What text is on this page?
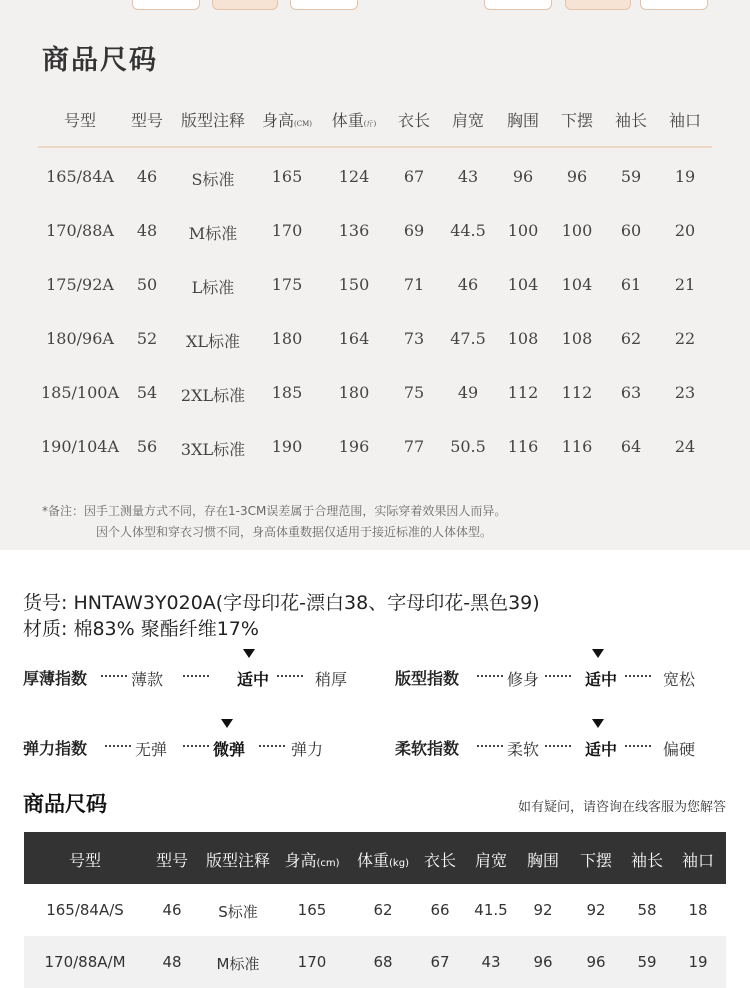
商品尺码
号型 型号 版型注释 身高(CM) 体重(斤) 衣长 肩宽 胸围 下摆 袖长 袖口
165/84A 46 S标准 165 124 67 43 96 96 59 19
170/88A 48 M标准 170 136 69 44.5 100 100 60 20
175/92A 50 L标准 175 150 71 46 104 104 61 21
180/96A 52 XL标准 180 164 73 47.5 108 108 62 22
185/100A 54 2XL标准 185 180 75 49 112 112 63 23
190/104A 56 3XL标准 190 196 77 50.5 116 116 64 24
*备注：因手工测量方式不同，存在1-3CM误差属于合理范围，实际穿着效果因人而异。
因个人体型和穿衣习惯不同，身高体重数据仅适用于接近标准的人体体型。
货号: HNTAW3Y020A(字母印花-漂白38、字母印花-黑色39)
材质: 棉83% 聚酯纤维17%
厚薄指数	薄款	适中	稍厚	版型指数	修身	适中	宽松
弹力指数	无弹	微弹	弹力	柔软指数	柔软	适中	偏硬
商品尺码	如有疑问，请咨询在线客服为您解答
号型	型号 版型注释 身高(cm) 体重(kg) 衣长 肩宽 胸围 下摆 袖长 袖口
165/84A/S	46 S标准	165	62	66 41.5 92 92 58 18
170/88A/M 48 M标准	170	68	67 43 96 96 59 19
